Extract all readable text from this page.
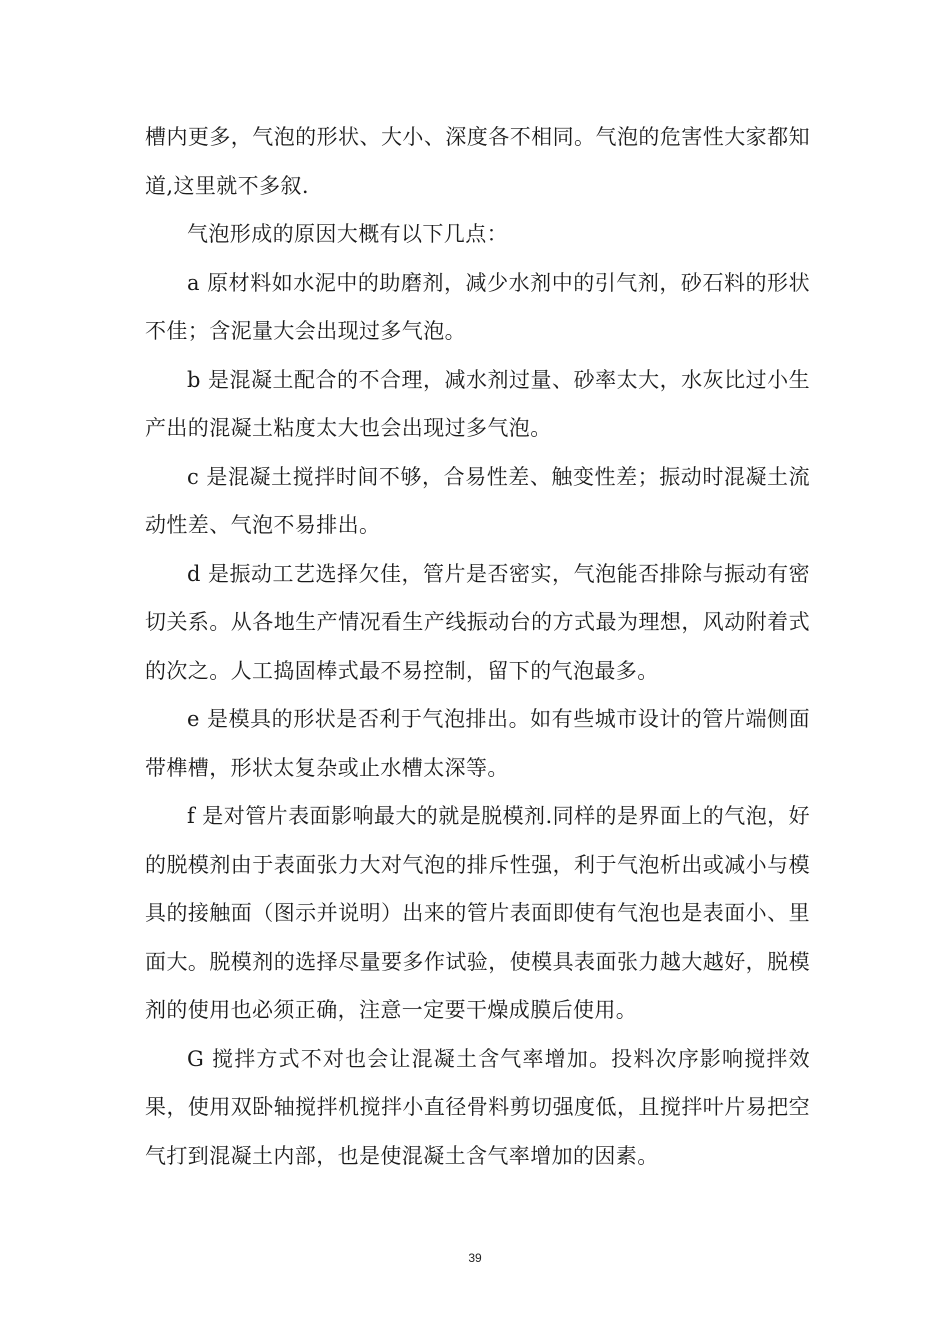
槽内更多，气泡的形状、大小、深度各不相同。气泡的危害性大家都知道,这里就不多叙.

气泡形成的原因大概有以下几点：

a 原材料如水泥中的助磨剂，减少水剂中的引气剂，砂石料的形状不佳；含泥量大会出现过多气泡。

b 是混凝土配合的不合理，减水剂过量、砂率太大，水灰比过小生产出的混凝土粘度太大也会出现过多气泡。

c 是混凝土搅拌时间不够，合易性差、触变性差；振动时混凝土流动性差、气泡不易排出。

d 是振动工艺选择欠佳，管片是否密实，气泡能否排除与振动有密切关系。从各地生产情况看生产线振动台的方式最为理想，风动附着式的次之。人工捣固棒式最不易控制，留下的气泡最多。

e 是模具的形状是否利于气泡排出。如有些城市设计的管片端侧面带榫槽，形状太复杂或止水槽太深等。

f 是对管片表面影响最大的就是脱模剂.同样的是界面上的气泡，好的脱模剂由于表面张力大对气泡的排斥性强，利于气泡析出或减小与模具的接触面（图示并说明）出来的管片表面即使有气泡也是表面小、里面大。脱模剂的选择尽量要多作试验，使模具表面张力越大越好，脱模剂的使用也必须正确，注意一定要干燥成膜后使用。

G 搅拌方式不对也会让混凝土含气率增加。投料次序影响搅拌效果，使用双卧轴搅拌机搅拌小直径骨料剪切强度低，且搅拌叶片易把空气打到混凝土内部，也是使混凝土含气率增加的因素。

39
